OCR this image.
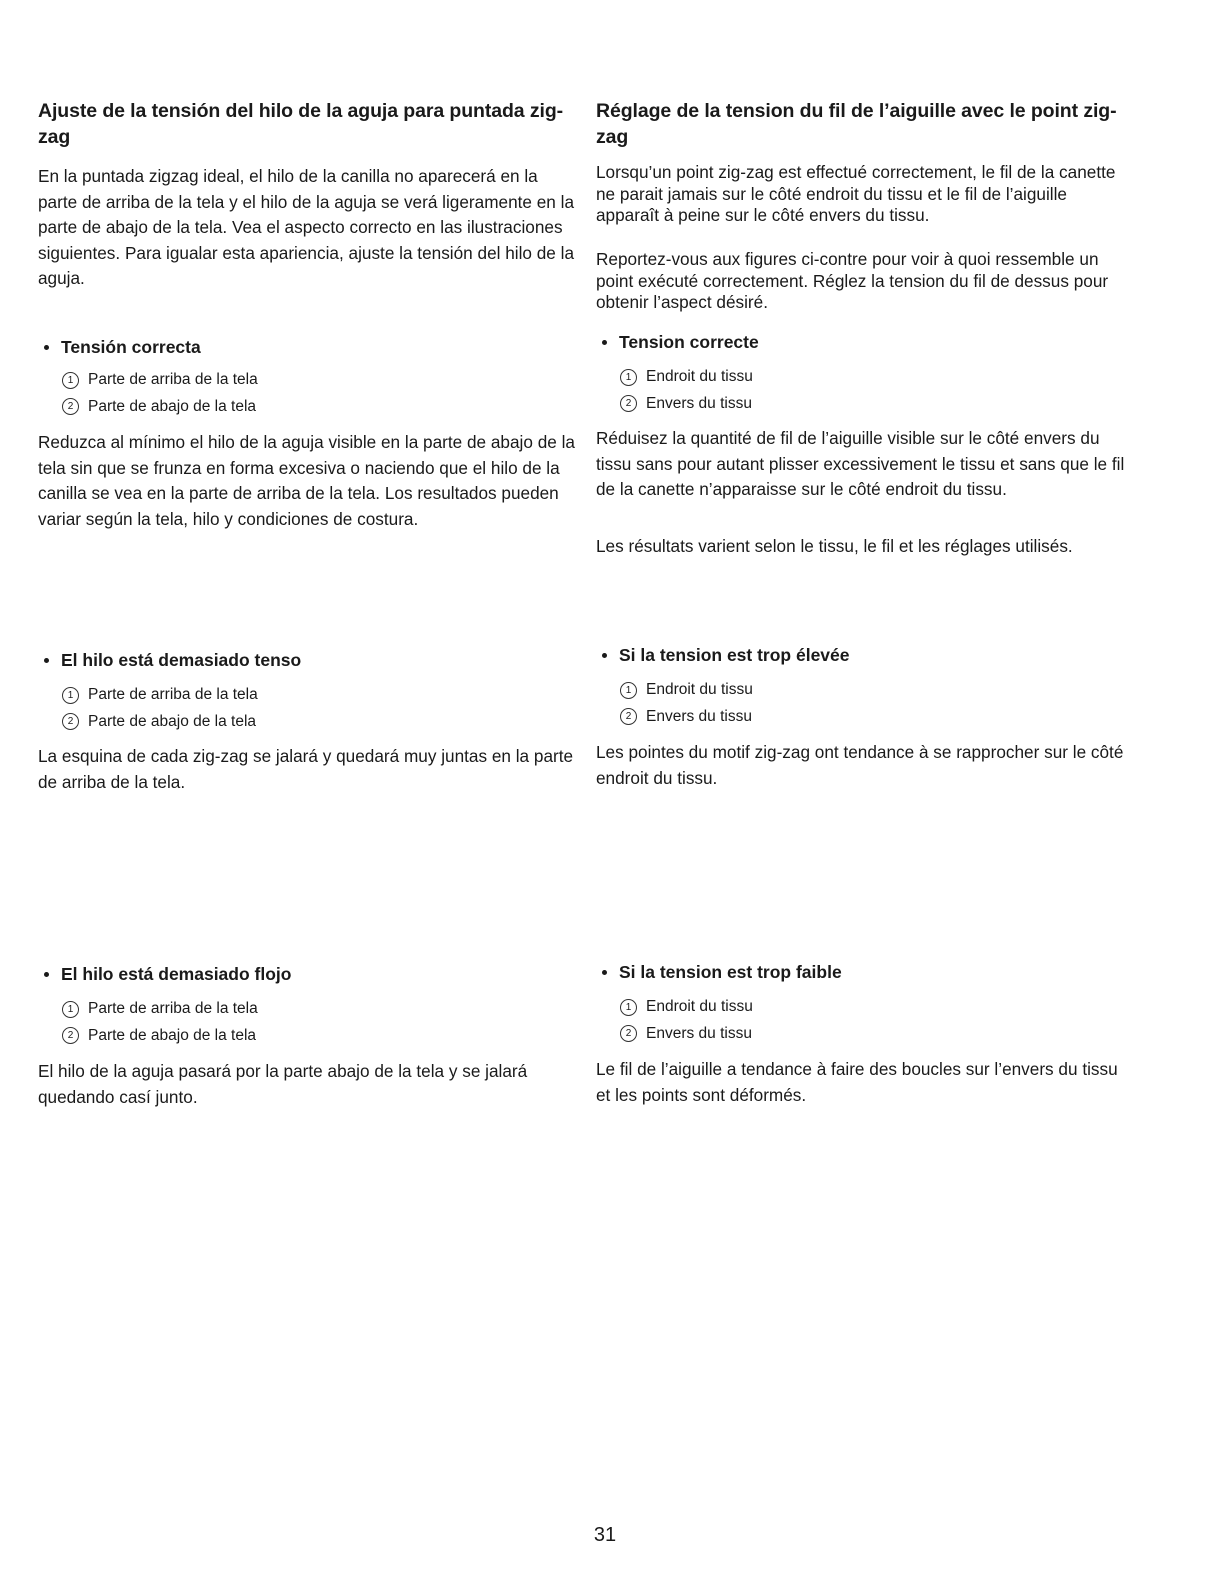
Ajuste de la tensión del hilo de la aguja para puntada zig-zag

En la puntada zigzag ideal, el hilo de la canilla no aparecerá en la parte de arriba de la tela y el hilo de la aguja se verá ligeramente en la parte de abajo de la tela. Vea el aspecto correcto en las ilustraciones siguientes. Para igualar esta apariencia, ajuste la tensión del hilo de la aguja.

Tensión correcta

1 Parte de arriba de la tela
2 Parte de abajo de la tela

Reduzca al mínimo el hilo de la aguja visible en la parte de abajo de la tela sin que se frunza en forma excesiva o naciendo que el hilo de la canilla se vea en la parte de arriba de la tela. Los resultados pueden variar según la tela, hilo y condiciones de costura.

El hilo está demasiado tenso

1 Parte de arriba de la tela
2 Parte de abajo de la tela

La esquina de cada zig-zag se jalará y quedará muy juntas en la parte de arriba de la tela.

El hilo está demasiado flojo

1 Parte de arriba de la tela
2 Parte de abajo de la tela

El hilo de la aguja pasará por la parte abajo de la tela y se jalará quedando casí junto.

Réglage de la tension du fil de l’aiguille avec le point zig-zag

Lorsqu’un point zig-zag est effectué correctement, le fil de la canette ne parait jamais sur le côté endroit du tissu et le fil de l’aiguille apparaît à peine sur le côté envers du tissu.

Reportez-vous aux figures ci-contre pour voir à quoi ressemble un point exécuté correctement. Réglez la tension du fil de dessus pour obtenir l’aspect désiré.

Tension correcte

1 Endroit du tissu
2 Envers du tissu

Réduisez la quantité de fil de l’aiguille visible sur le côté envers du tissu sans pour autant plisser excessivement le tissu et sans que le fil de la canette n’apparaisse sur le côté endroit du tissu.

Les résultats varient selon le tissu, le fil et les réglages utilisés.

Si la tension est trop élevée

1 Endroit du tissu
2 Envers du tissu

Les pointes du motif zig-zag ont tendance à se rapprocher sur le côté endroit du tissu.

Si la tension est trop faible

1 Endroit du tissu
2 Envers du tissu

Le fil de l’aiguille a tendance à faire des boucles sur l’envers du tissu et les points sont déformés.

31
